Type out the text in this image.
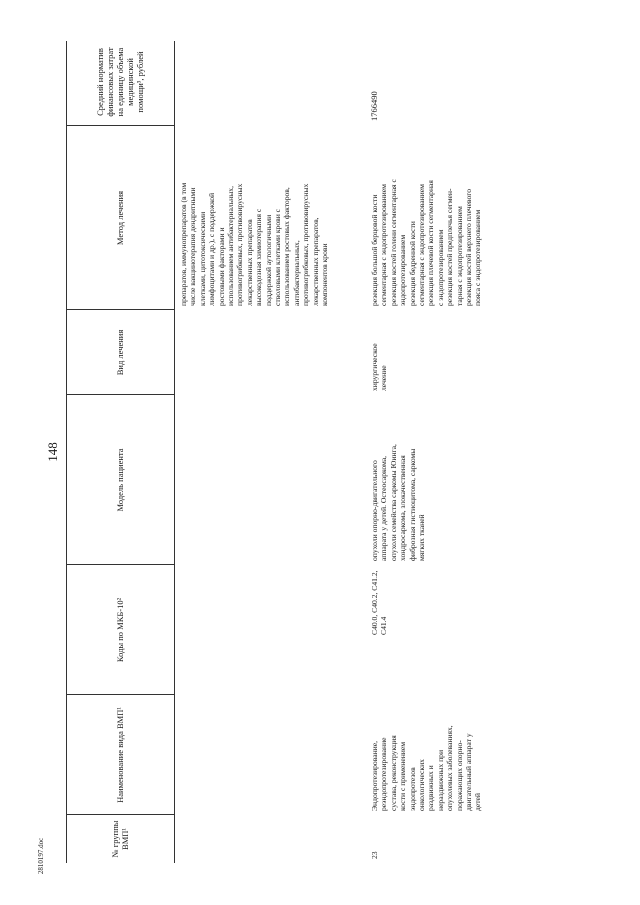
148
2810197.doc	№ группы ВМП¹
Наименование вида ВМП¹
Коды по МКБ-10²
Модель пациента
Вид лечения
Метод лечения
Средний норматив финансовых затрат на единицу объема медицинской помощи³, рублей

препаратов, иммунопрепаратов (в том числе вакцинотерапия дендритными клетками, цитотоксическими лимфоцитами и др.), с поддержкой ростовыми факторами и использованием антибактериальных, противогрибковых, противовирусных лекарственных препаратов высокодозная химиотерапия с поддержкой аутологичными стволовыми клетками крови с использованием ростовых факторов, антибактериальных, противогрибковых, противовирусных лекарственных препаратов, компонентов крови

23

Эндопротезирование, реэндопротезирование сустава, реконструкция кости с применением эндопротезов онкологических раздвижных и нераздвижных при опухолевых заболеваниях, поражающих опорно- двигательный аппарат у детей

C40.0, C40.2, C41.2, C41.4

опухоли опорно-двигательного аппарата у детей. Остеосаркома, опухоли семейства саркомы Юинга, хондросаркома, злокачественная фиброзная гистиоцитома, саркомы мягких тканей

хирургическое лечение

резекция большой берцовой кости сегментарная с эндопротезированием резекция костей голени сегментарная с эндопротезированием резекция бедренной кости сегментарная с эндопротезированием резекция плечевой кости сегментарная с эндопротезированием резекция костей предплечья сегмен- тарная с эндопротезированием резекция костей верхнего плечевого пояса с эндопротезированием

1766490
